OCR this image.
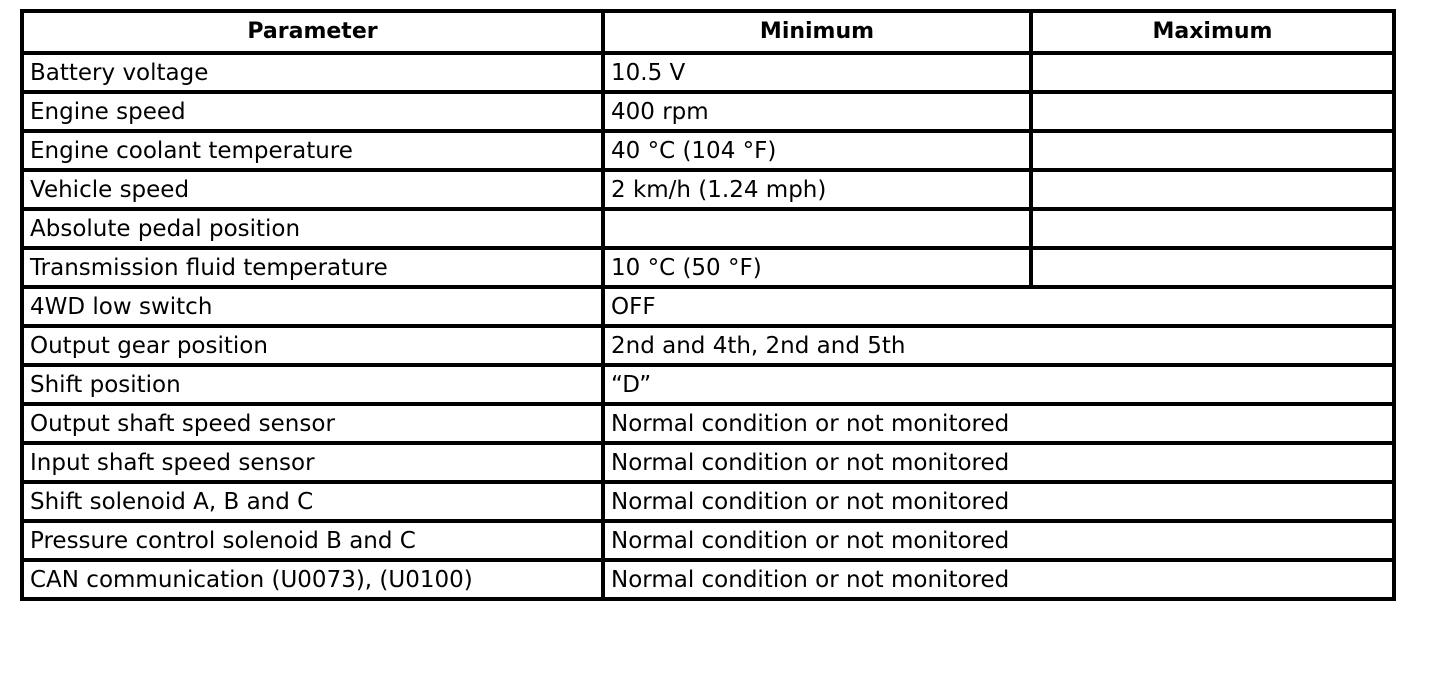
Parameter	Minimum	Maximum
Battery voltage	10.5 V	
Engine speed	400 rpm	
Engine coolant temperature	40 °C (104 °F)	
Vehicle speed	2 km/h (1.24 mph)	
Absolute pedal position		
Transmission fluid temperature	10 °C (50 °F)	
4WD low switch	OFF	
Output gear position	2nd and 4th, 2nd and 5th	
Shift position	“D”	
Output shaft speed sensor	Normal condition or not monitored	
Input shaft speed sensor	Normal condition or not monitored	
Shift solenoid A, B and C	Normal condition or not monitored	
Pressure control solenoid B and C	Normal condition or not monitored	
CAN communication (U0073), (U0100)	Normal condition or not monitored	
